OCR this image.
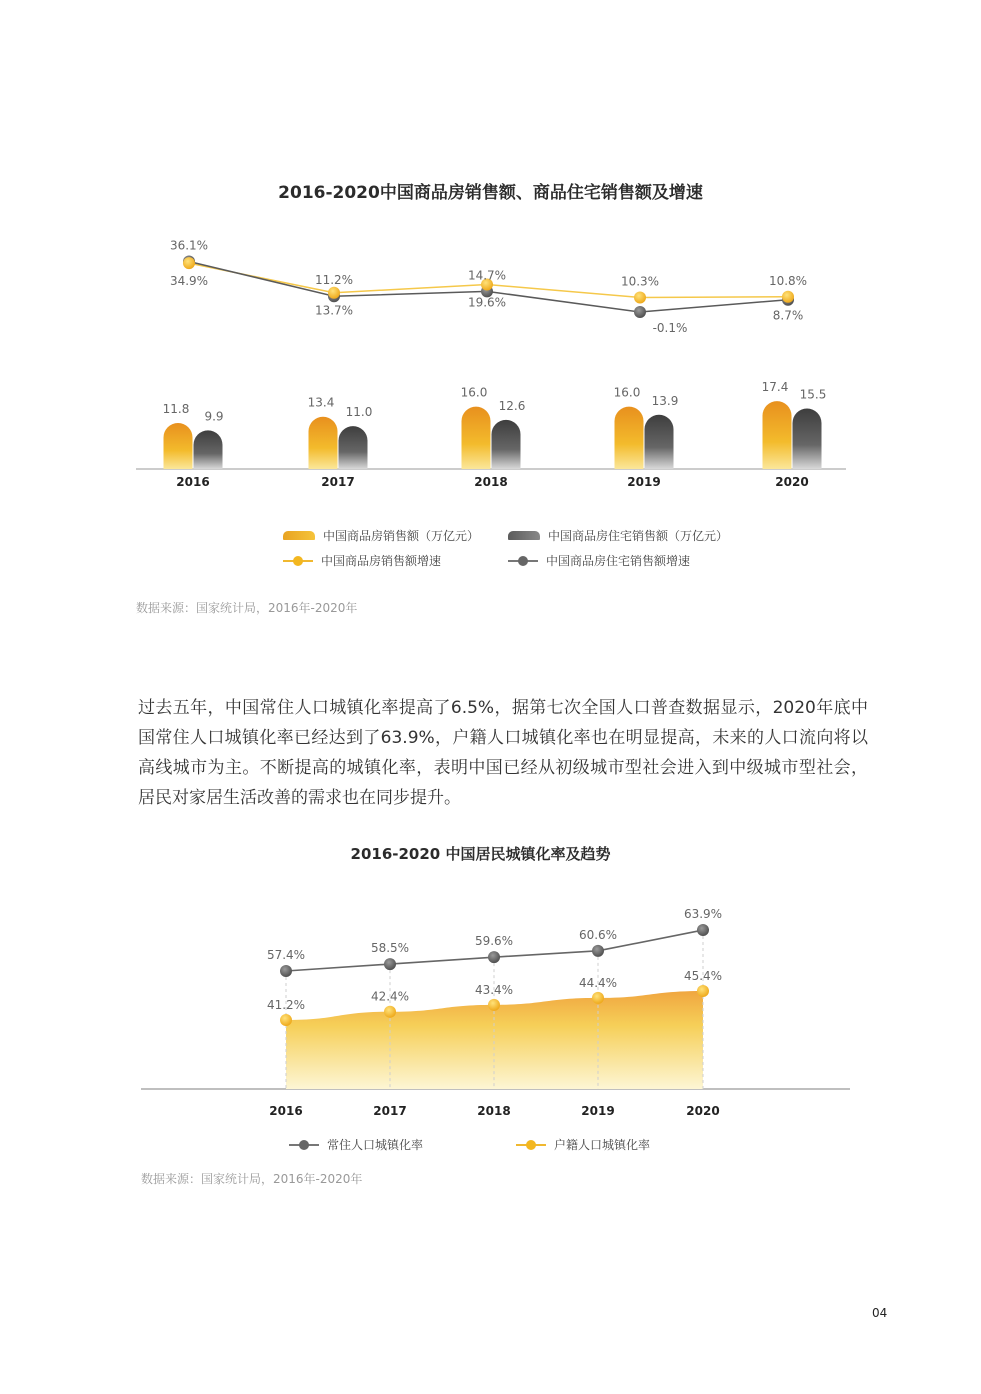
2016-2020中国商品房销售额、商品住宅销售额及增速
2016	2017	2018	2019	2020
11.8
9.9
13.4
11.0
16.0
12.6
16.0
13.9
17.4
15.5
36.1%
34.9%	11.2%
13.7%
14.7%
19.6%
-0.1%
10.3%
8.7%
10.8%
中国商品房销售额（万亿元）	中国商品房住宅销售额（万亿元）
中国商品房销售额增速	中国商品房住宅销售额增速

数据来源：国家统计局，2016年-2020年

过去五年，中国常住人口城镇化率提高了6.5%，据第七次全国人口普查数据显示，2020年底中国常住人口城镇化率已经达到了63.9%，户籍人口城镇化率也在明显提高，未来的人口流向将以高线城市为主。不断提高的城镇化率，表明中国已经从初级城市型社会进入到中级城市型社会，居民对家居生活改善的需求也在同步提升。

2016-2020 中国居民城镇化率及趋势
2016	2017	2018	2019	2020
57.4%
41.2%
58.5%
42.4%
59.6%
43.4%
60.6%
44.4%
63.9%
45.4%
常住人口城镇化率	户籍人口城镇化率

数据来源：国家统计局，2016年-2020年

04
